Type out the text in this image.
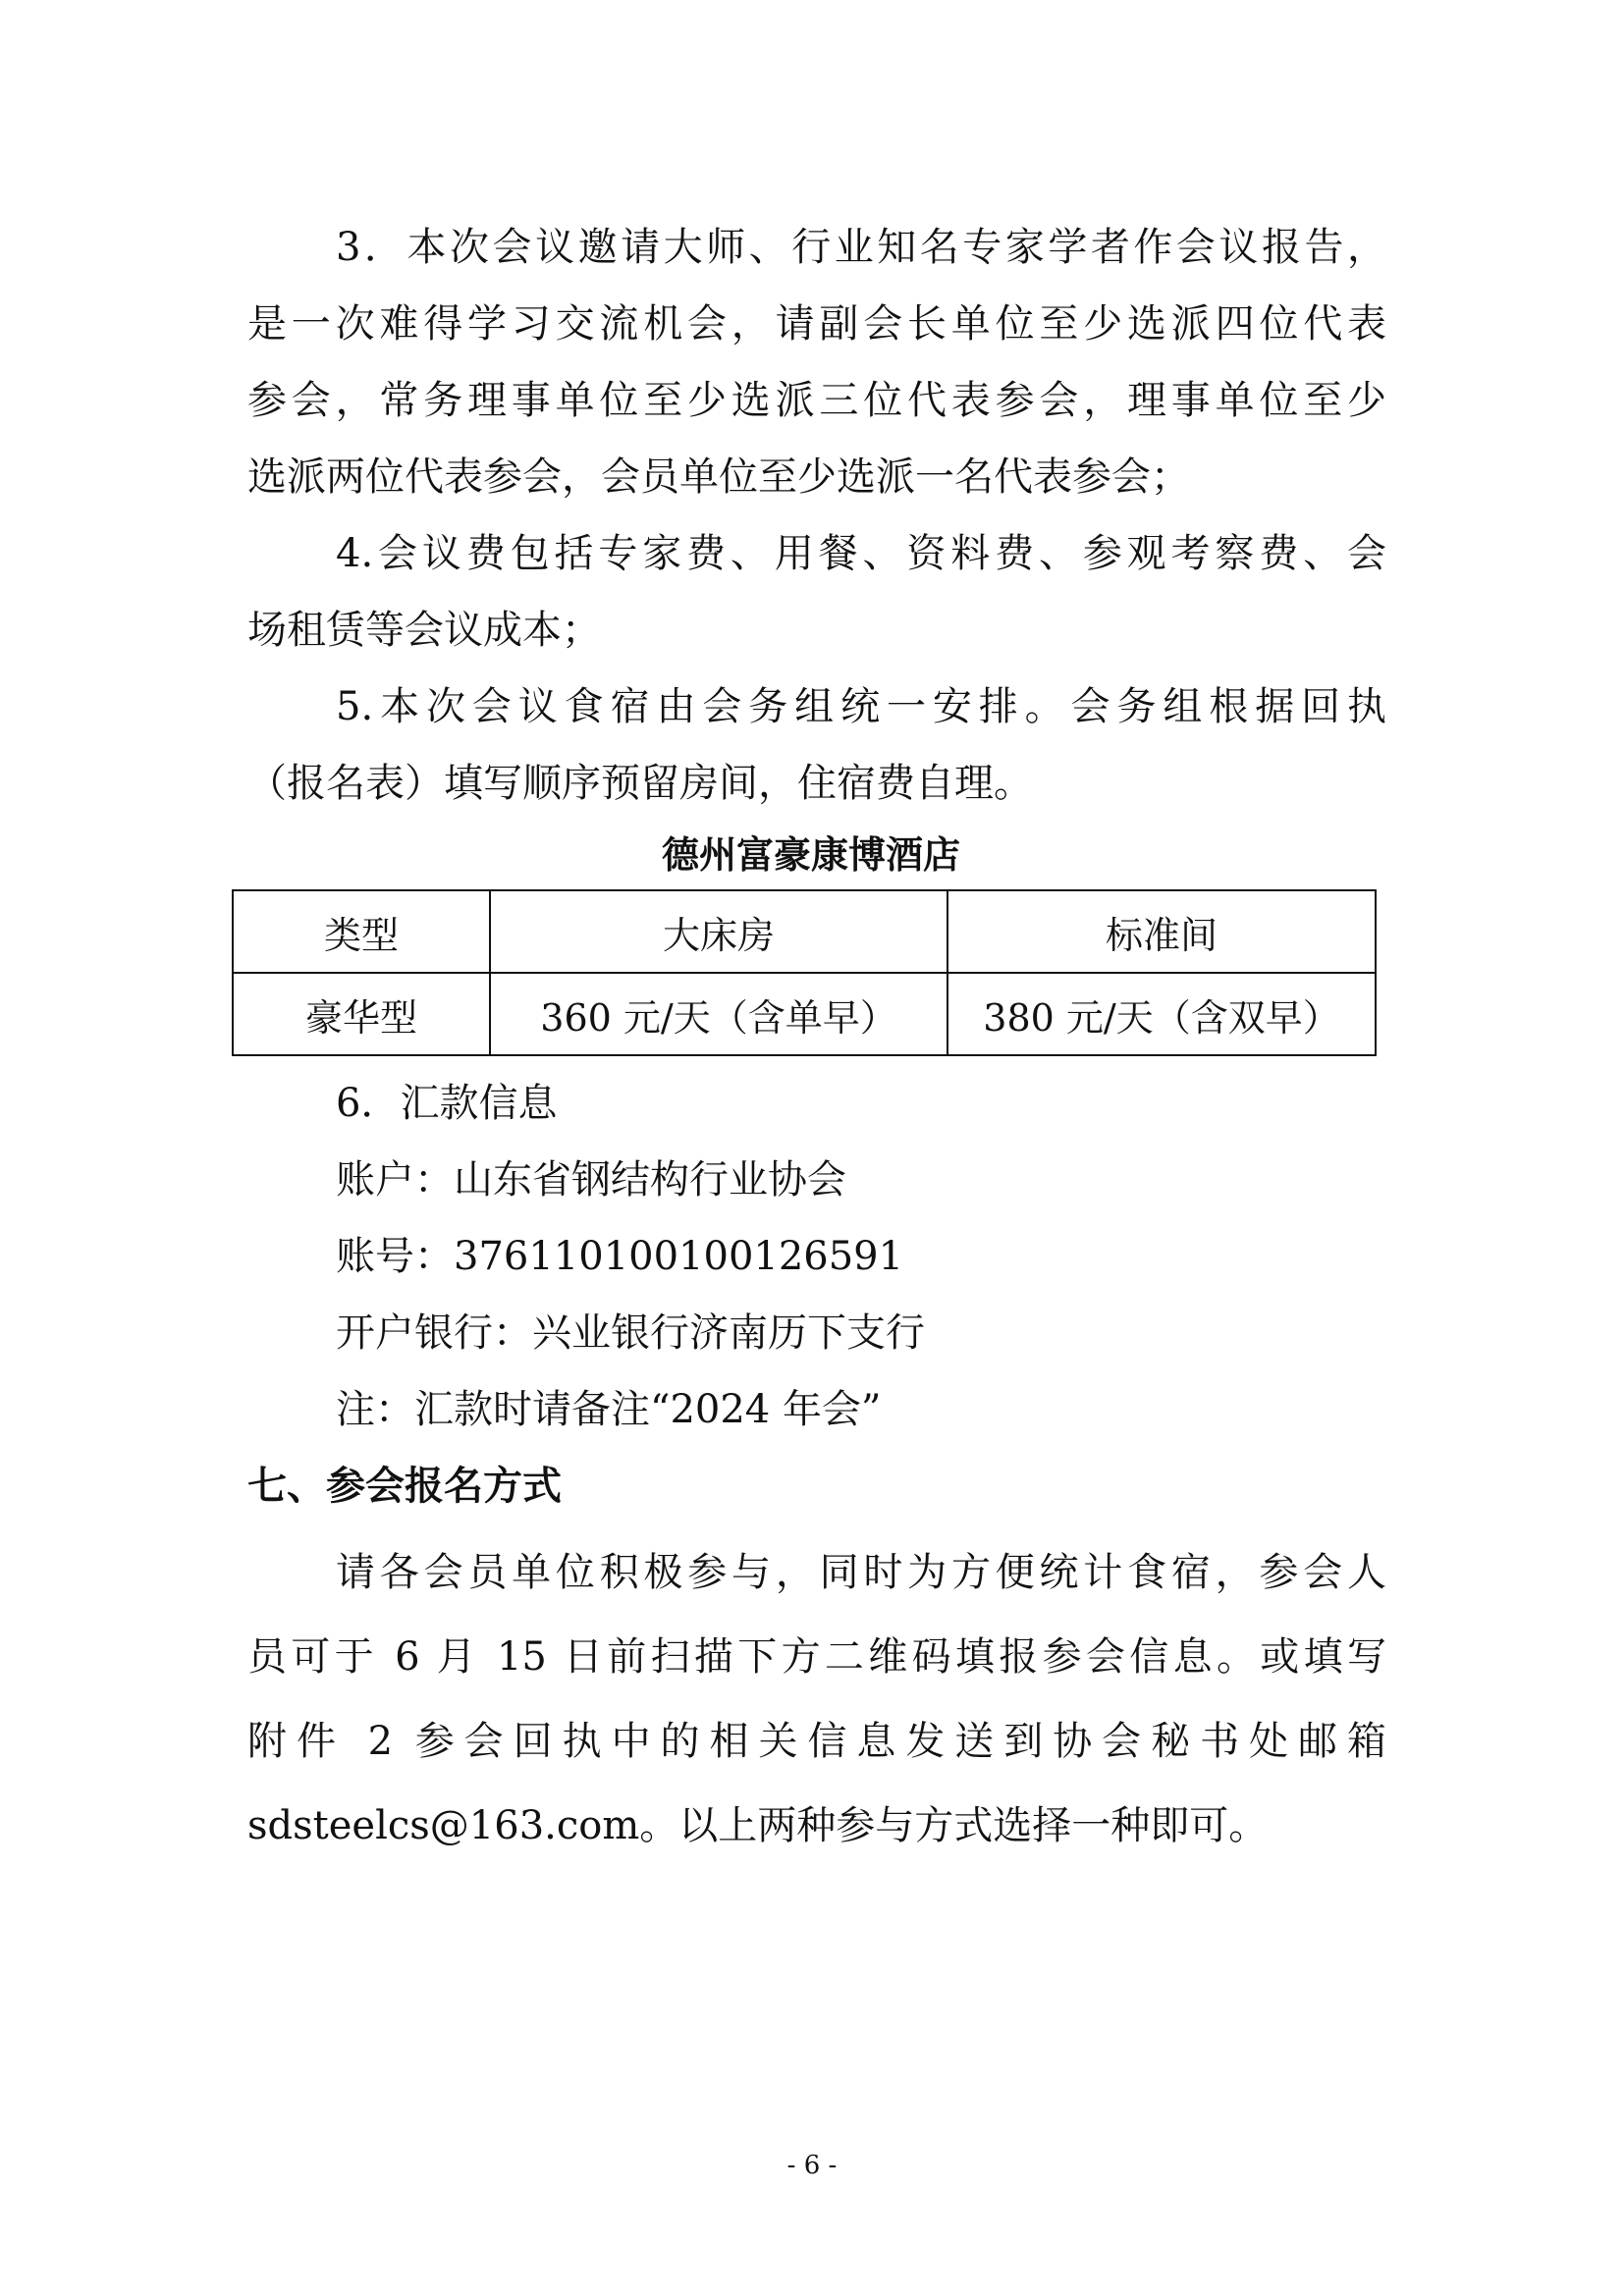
3．本次会议邀请大师、行业知名专家学者作会议报告，
是一次难得学习交流机会，请副会长单位至少选派四位代表
参会，常务理事单位至少选派三位代表参会，理事单位至少
选派两位代表参会，会员单位至少选派一名代表参会；
4.会议费包括专家费、用餐、资料费、参观考察费、会
场租赁等会议成本；
5.本次会议食宿由会务组统一安排。会务组根据回执
（报名表）填写顺序预留房间，住宿费自理。
德州富豪康博酒店
类型	大床房	标准间
豪华型	360 元/天（含单早）	380 元/天（含双早）
6．汇款信息
账户：山东省钢结构行业协会
账号：376110100100126591
开户银行：兴业银行济南历下支行
注：汇款时请备注“2024 年会”
七、参会报名方式
请各会员单位积极参与，同时为方便统计食宿，参会人
员可于 6 月 15 日前扫描下方二维码填报参会信息。或填写
附件 2 参会回执中的相关信息发送到协会秘书处邮箱
sdsteelcs@163.com。以上两种参与方式选择一种即可。
- 6 -
